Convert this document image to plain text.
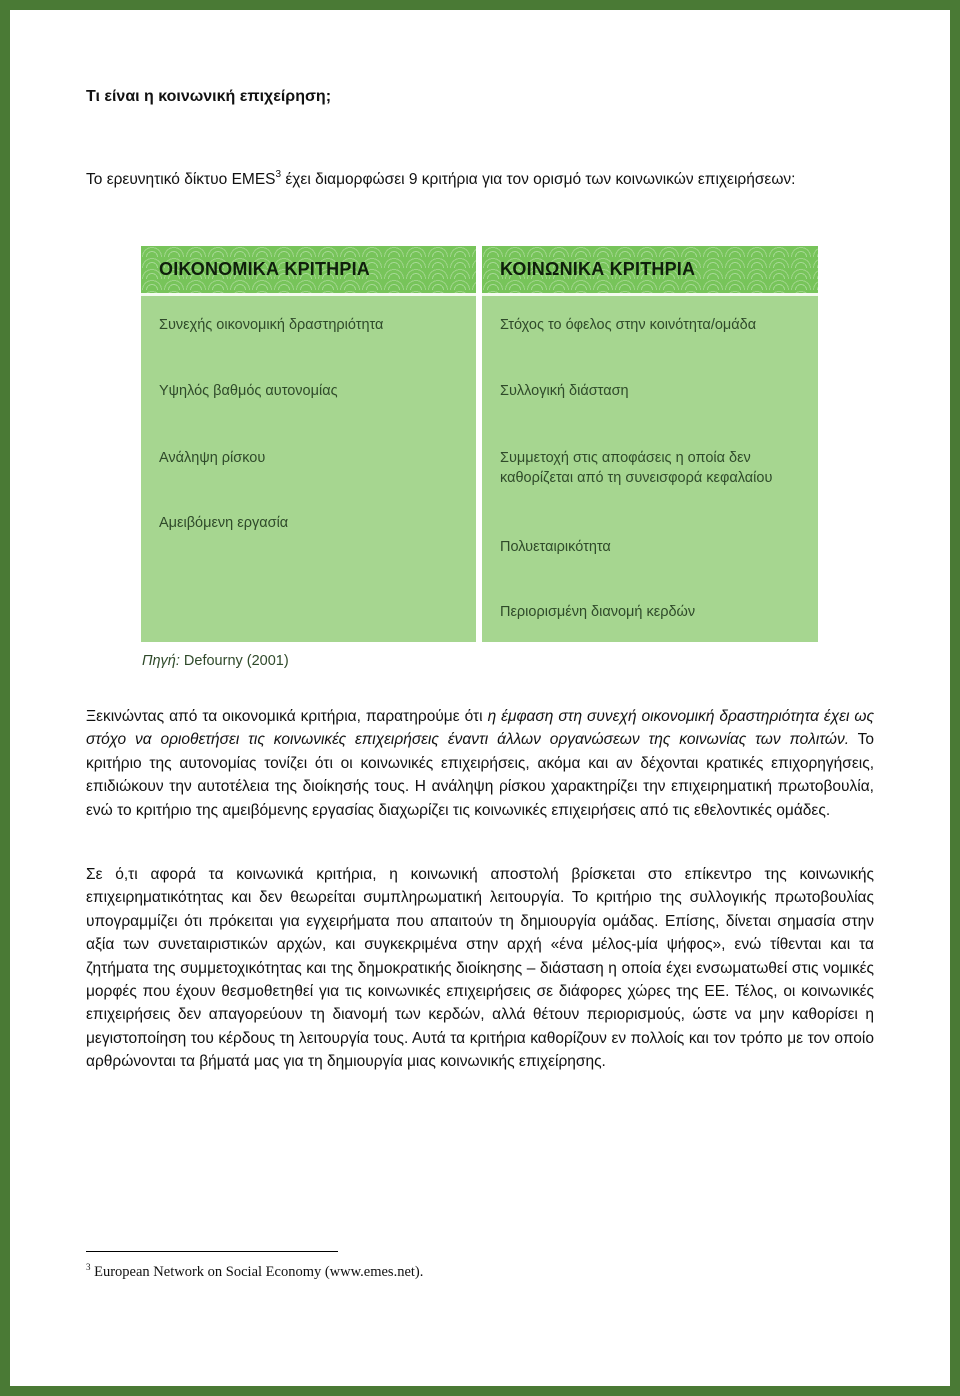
Τι είναι η κοινωνική επιχείρηση;
Το ερευνητικό δίκτυο EMES$^3$ έχει διαμορφώσει 9 κριτήρια για τον ορισμό των κοινωνικών επιχειρήσεων:
ΟΙΚΟΝΟΜΙΚΑ ΚΡΙΤΗΡΙΑ
Συνεχής οικονομική δραστηριότητα
Υψηλός βαθμός αυτονομίας
Ανάληψη ρίσκου
Αμειβόμενη εργασία
ΚΟΙΝΩΝΙΚΑ ΚΡΙΤΗΡΙΑ
Στόχος το όφελος στην κοινότητα/ομάδα
Συλλογική διάσταση
Συμμετοχή στις αποφάσεις η οποία δεν καθορίζεται από τη συνεισφορά κεφαλαίου
Πολυεταιρικότητα
Περιορισμένη διανομή κερδών
Πηγή: Defourny (2001)
Ξεκινώντας από τα οικονομικά κριτήρια, παρατηρούμε ότι η έμφαση στη συνεχή οικονομική δραστηριότητα έχει ως στόχο να οριοθετήσει τις κοινωνικές επιχειρήσεις έναντι άλλων οργανώσεων της κοινωνίας των πολιτών. Το κριτήριο της αυτονομίας τονίζει ότι οι κοινωνικές επιχειρήσεις, ακόμα και αν δέχονται κρατικές επιχορηγήσεις, επιδιώκουν την αυτοτέλεια της διοίκησής τους. Η ανάληψη ρίσκου χαρακτηρίζει την επιχειρηματική πρωτοβουλία, ενώ το κριτήριο της αμειβόμενης εργασίας διαχωρίζει τις κοινωνικές επιχειρήσεις από τις εθελοντικές ομάδες.
Σε ό,τι αφορά τα κοινωνικά κριτήρια, η κοινωνική αποστολή βρίσκεται στο επίκεντρο της κοινωνικής επιχειρηματικότητας και δεν θεωρείται συμπληρωματική λειτουργία. Το κριτήριο της συλλογικής πρωτοβουλίας υπογραμμίζει ότι πρόκειται για εγχειρήματα που απαιτούν τη δημιουργία ομάδας. Επίσης, δίνεται σημασία στην αξία των συνεταιριστικών αρχών, και συγκεκριμένα στην αρχή «ένα μέλος-μία ψήφος», ενώ τίθενται και τα ζητήματα της συμμετοχικότητας και της δημοκρατικής διοίκησης – διάσταση η οποία έχει ενσωματωθεί στις νομικές μορφές που έχουν θεσμοθετηθεί για τις κοινωνικές επιχειρήσεις σε διάφορες χώρες της ΕΕ. Τέλος, οι κοινωνικές επιχειρήσεις δεν απαγορεύουν τη διανομή των κερδών, αλλά θέτουν περιορισμούς, ώστε να μην καθορίσει η μεγιστοποίηση του κέρδους τη λειτουργία τους. Αυτά τα κριτήρια καθορίζουν εν πολλοίς και τον τρόπο με τον οποίο αρθρώνονται τα βήματά μας για τη δημιουργία μιας κοινωνικής επιχείρησης.
$^3$ European Network on Social Economy (www.emes.net).
